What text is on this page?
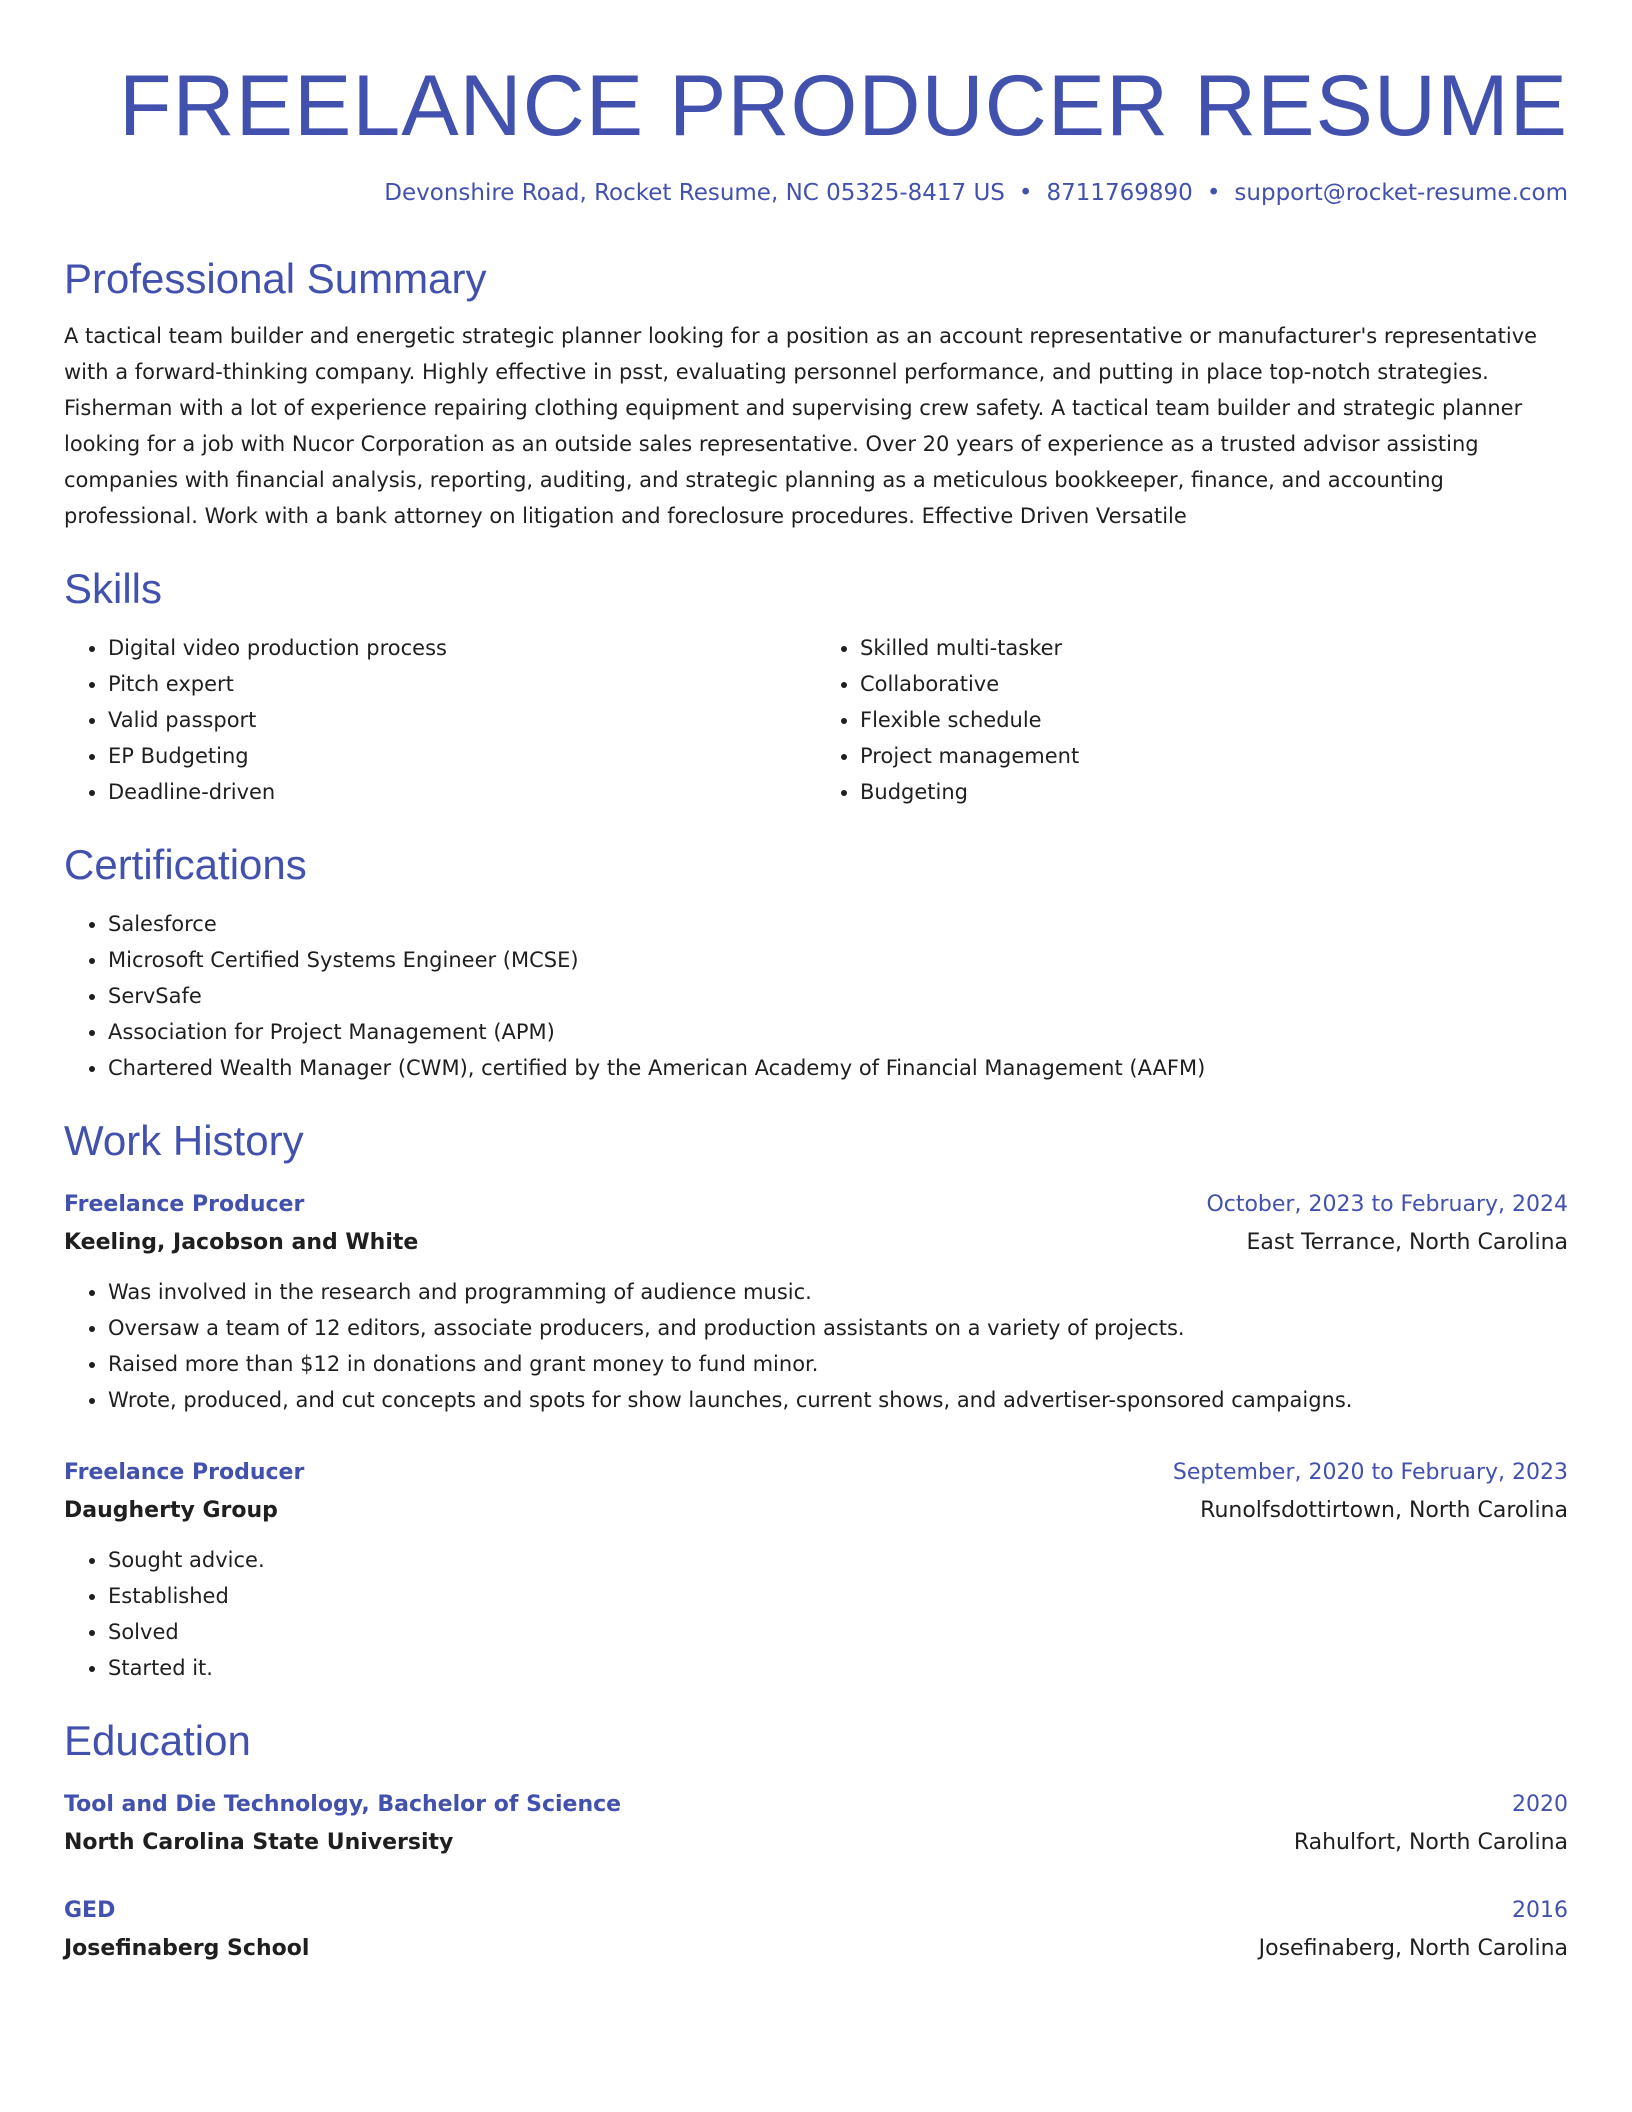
FREELANCE PRODUCER RESUME
Devonshire Road, Rocket Resume, NC 05325-8417 US • 8711769890 • support@rocket-resume.com
Professional Summary
A tactical team builder and energetic strategic planner looking for a position as an account representative or manufacturer's representative with a forward-thinking company. Highly effective in psst, evaluating personnel performance, and putting in place top-notch strategies. Fisherman with a lot of experience repairing clothing equipment and supervising crew safety. A tactical team builder and strategic planner looking for a job with Nucor Corporation as an outside sales representative. Over 20 years of experience as a trusted advisor assisting companies with financial analysis, reporting, auditing, and strategic planning as a meticulous bookkeeper, finance, and accounting professional. Work with a bank attorney on litigation and foreclosure procedures. Effective Driven Versatile
Skills
• Digital video production process
• Pitch expert
• Valid passport
• EP Budgeting
• Deadline-driven
• Skilled multi-tasker
• Collaborative
• Flexible schedule
• Project management
• Budgeting
Certifications
• Salesforce
• Microsoft Certified Systems Engineer (MCSE)
• ServSafe
• Association for Project Management (APM)
• Chartered Wealth Manager (CWM), certified by the American Academy of Financial Management (AAFM)
Work History
Freelance Producer	October, 2023 to February, 2024
Keeling, Jacobson and White	East Terrance, North Carolina
• Was involved in the research and programming of audience music.
• Oversaw a team of 12 editors, associate producers, and production assistants on a variety of projects.
• Raised more than $12 in donations and grant money to fund minor.
• Wrote, produced, and cut concepts and spots for show launches, current shows, and advertiser-sponsored campaigns.
Freelance Producer	September, 2020 to February, 2023
Daugherty Group	Runolfsdottirtown, North Carolina
• Sought advice.
• Established
• Solved
• Started it.
Education
Tool and Die Technology, Bachelor of Science	2020
North Carolina State University	Rahulfort, North Carolina
GED	2016
Josefinaberg School	Josefinaberg, North Carolina
